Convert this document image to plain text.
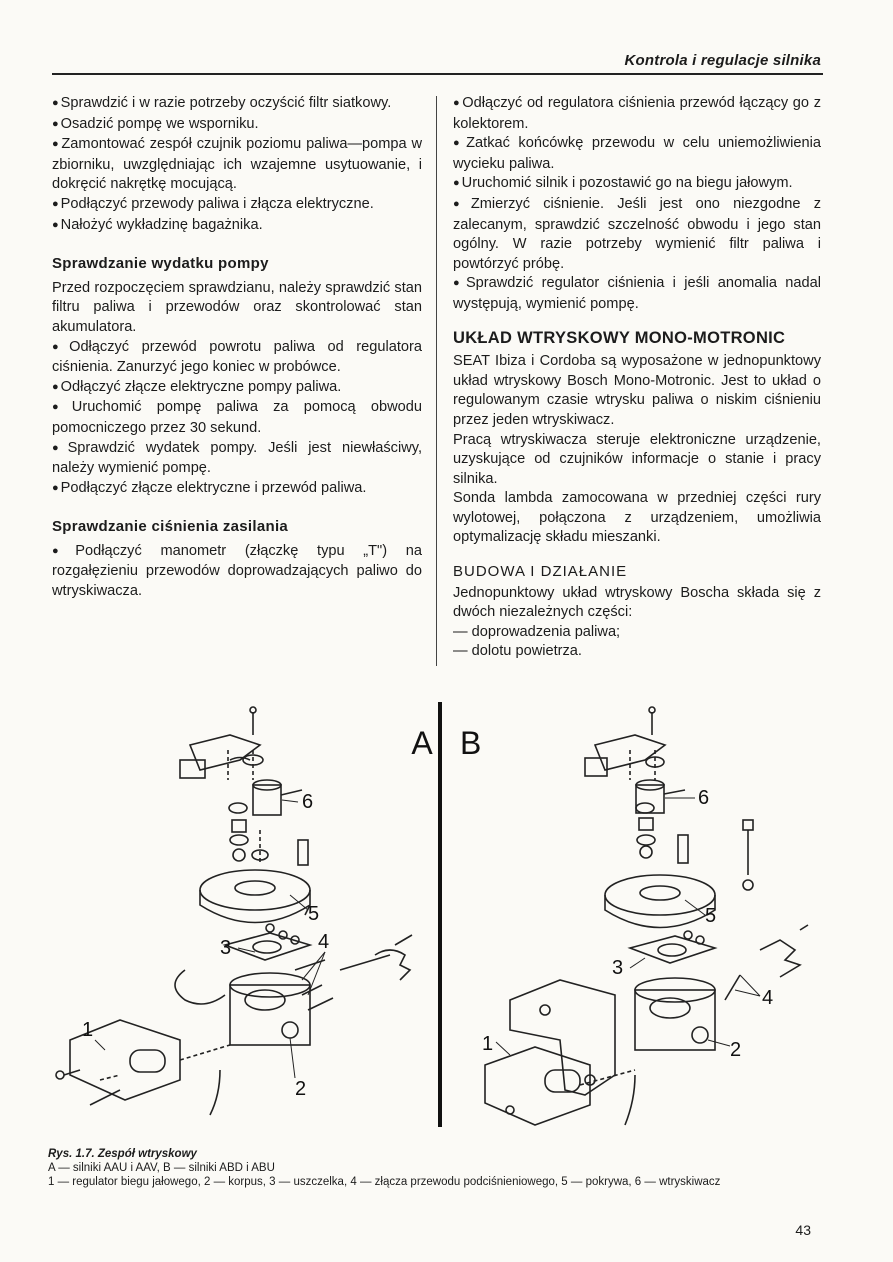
Kontrola i regulacje silnika

● Sprawdzić i w razie potrzeby oczyścić filtr siatkowy.

● Osadzić pompę we wsporniku.

● Zamontować zespół czujnik poziomu paliwa—pompa w zbiorniku, uwzględniając ich wzajemne usytuowanie, i dokręcić nakrętkę mocującą.

● Podłączyć przewody paliwa i złącza elektryczne.

● Nałożyć wykładzinę bagażnika.

Sprawdzanie wydatku pompy

Przed rozpoczęciem sprawdzianu, należy sprawdzić stan filtru paliwa i przewodów oraz skontrolować stan akumulatora.

● Odłączyć przewód powrotu paliwa od regulatora ciśnienia. Zanurzyć jego koniec w probówce.

● Odłączyć złącze elektryczne pompy paliwa.

● Uruchomić pompę paliwa za pomocą obwodu pomocniczego przez 30 sekund.

● Sprawdzić wydatek pompy. Jeśli jest niewłaściwy, należy wymienić pompę.

● Podłączyć złącze elektryczne i przewód paliwa.

Sprawdzanie ciśnienia zasilania

● Podłączyć manometr (złączkę typu „T") na rozgałęzieniu przewodów doprowadzających paliwo do wtryskiwacza.

● Odłączyć od regulatora ciśnienia przewód łączący go z kolektorem.

● Zatkać końcówkę przewodu w celu uniemożliwienia wycieku paliwa.

● Uruchomić silnik i pozostawić go na biegu jałowym.

● Zmierzyć ciśnienie. Jeśli jest ono niezgodne z zalecanym, sprawdzić szczelność obwodu i jego stan ogólny. W razie potrzeby wymienić filtr paliwa i powtórzyć próbę.

● Sprawdzić regulator ciśnienia i jeśli anomalia nadal występują, wymienić pompę.

UKŁAD WTRYSKOWY MONO-MOTRONIC

SEAT Ibiza i Cordoba są wyposażone w jednopunktowy układ wtryskowy Bosch Mono-Motronic. Jest to układ o regulowanym czasie wtrysku paliwa o niskim ciśnieniu przez jeden wtryskiwacz.

Pracą wtryskiwacza steruje elektroniczne urządzenie, uzyskujące od czujników informacje o stanie i pracy silnika.

Sonda lambda zamocowana w przedniej części rury wylotowej, połączona z urządzeniem, umożliwia optymalizację składu mieszanki.

BUDOWA I DZIAŁANIE

Jednopunktowy układ wtryskowy Boscha składa się z dwóch niezależnych części:

— doprowadzenia paliwa;

— dolotu powietrza.

A B
6
5
3	4
1
2
6
5
3
4
1	2
Rys. 1.7. Zespół wtryskowy
A — silniki AAU i AAV, B — silniki ABD i ABU
1 — regulator biegu jałowego, 2 — korpus, 3 — uszczelka, 4 — złącza przewodu podciśnieniowego, 5 — pokrywa, 6 — wtryskiwacz
43
